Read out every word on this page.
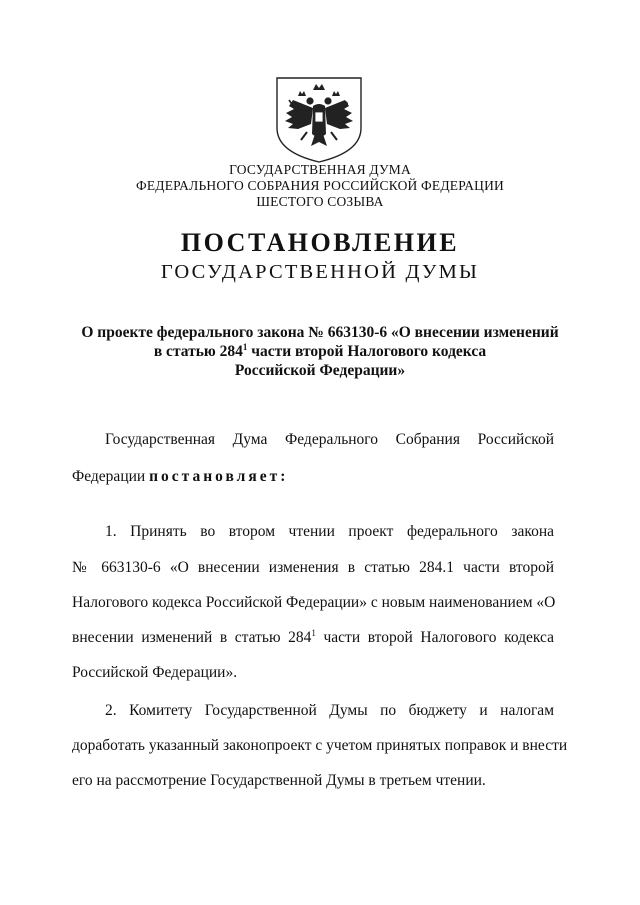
ГОСУДАРСТВЕННАЯ ДУМА
ФЕДЕРАЛЬНОГО СОБРАНИЯ РОССИЙСКОЙ ФЕДЕРАЦИИ
ШЕСТОГО СОЗЫВА
ПОСТАНОВЛЕНИЕ
ГОСУДАРСТВЕННОЙ ДУМЫ
О проекте федерального закона № 663130-6 «О внесении изменений
в статью $284^1$ части второй Налогового кодекса
Российской Федерации»
Государственная Дума Федерального Собрания Российской
Федерации постановляет:
1. Принять во втором чтении проект федерального закона
№ 663130-6 «О внесении изменения в статью 284.1 части второй
Налогового кодекса Российской Федерации» с новым наименованием «О
внесении изменений в статью $284^1$ части второй Налогового кодекса
Российской Федерации».
2. Комитету Государственной Думы по бюджету и налогам
доработать указанный законопроект с учетом принятых поправок и внести
его на рассмотрение Государственной Думы в третьем чтении.
